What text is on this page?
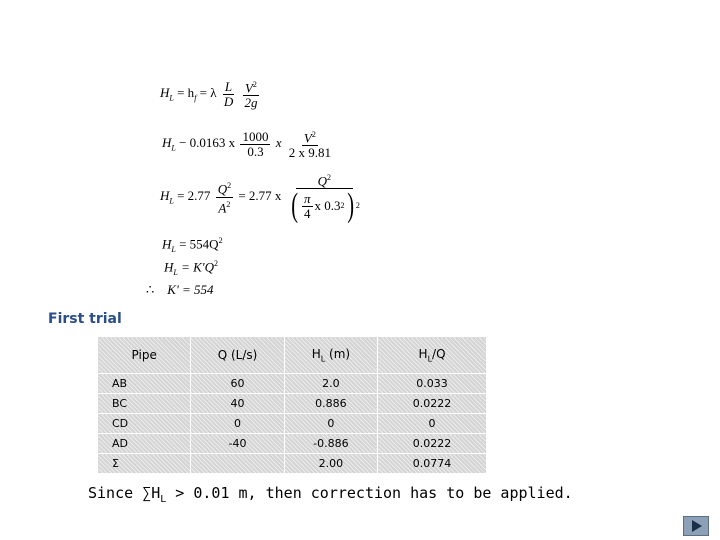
$H_L = h_f = \lambda \frac{L}{D}$
$\frac{V^2}{2g}$
$H_L - 0.0163$ x $\frac{1000}{0.3}$ x $\frac{V^2}{2 x 9.81}$
$H_L = 2.77 \frac{Q^2}{A^2} = 2.77$ x $\frac{Q^2}{( \frac{\pi}{4} x 0.3 2 ) 2}$
$H_L = 554Q^2$
$H_L = K'Q^2$
∴ K' = 554
First trial
Pipe	Q (L/s)	$H_L$ (m)	$H_L/Q$
AB	60	2.0	0.033
BC	40	0.886	0.0222
CD	0	0	0
AD	-40	-0.886	0.0222
Σ		2.00	0.0774
Since $\sum H_L > 0.01$ m, then correction has to be applied.
